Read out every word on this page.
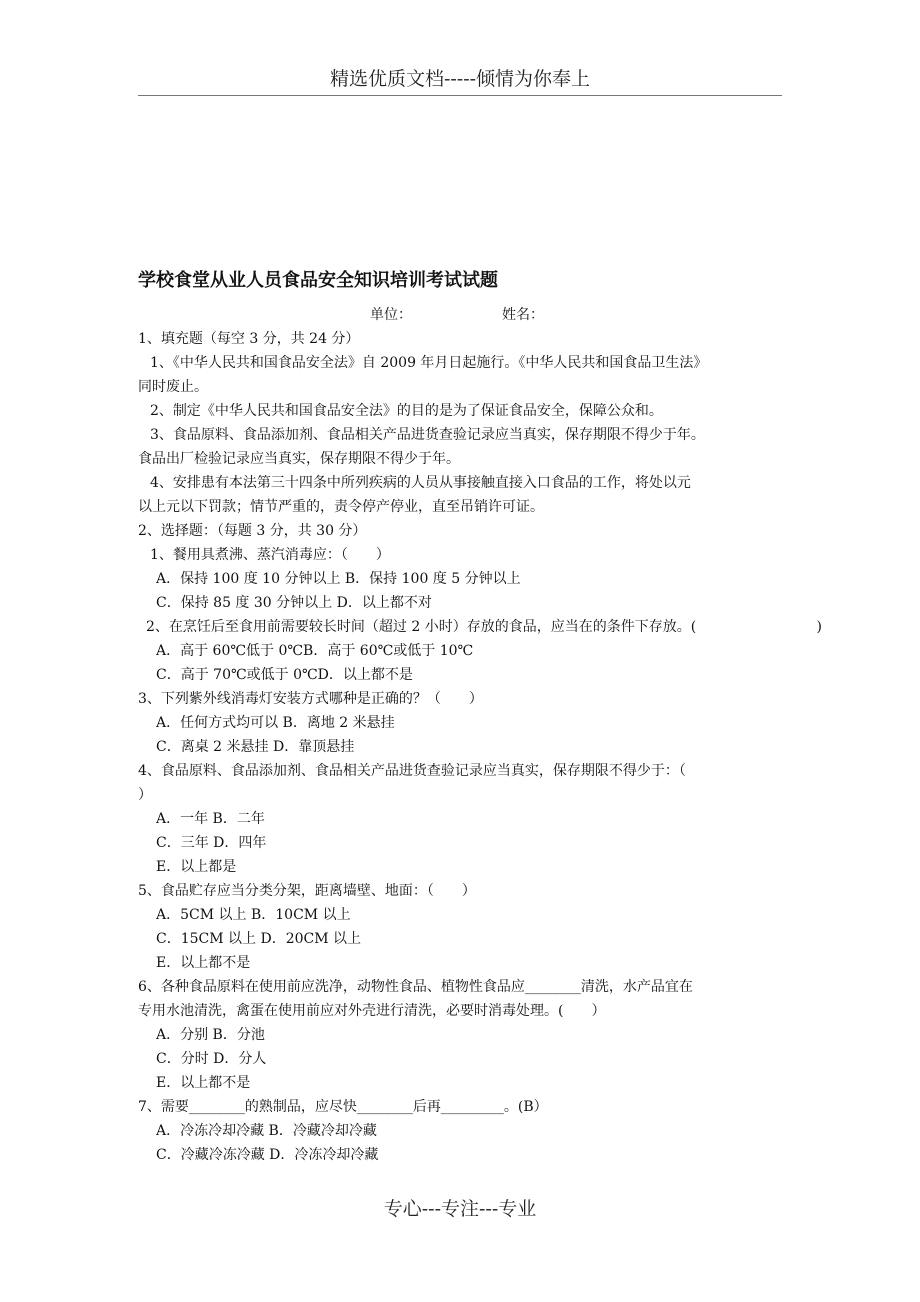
精选优质文档-----倾情为你奉上
学校食堂从业人员食品安全知识培训考试试题
单位：	姓名：
1、填充题（每空 3 分，共 24 分）
1、《中华人民共和国食品安全法》自 2009 年月日起施行。《中华人民共和国食品卫生法》
同时废止。
2、制定《中华人民共和国食品安全法》的目的是为了保证食品安全，保障公众和。
3、食品原料、食品添加剂、食品相关产品进货查验记录应当真实，保存期限不得少于年。
食品出厂检验记录应当真实，保存期限不得少于年。
4、安排患有本法第三十四条中所列疾病的人员从事接触直接入口食品的工作，将处以元
以上元以下罚款；情节严重的，责令停产停业，直至吊销许可证。
2、选择题：（每题 3 分，共 30 分）
1、餐用具煮沸、蒸汽消毒应：（　　）
A．保持 100 度 10 分钟以上 B．保持 100 度 5 分钟以上
C．保持 85 度 30 分钟以上 D．以上都不对
2、在烹饪后至食用前需要较长时间（超过 2 小时）存放的食品，应当在的条件下存放。(	)
A．高于 60℃低于 0℃B．高于 60℃或低于 10℃
C．高于 70℃或低于 0℃D．以上都不是
3、下列紫外线消毒灯安装方式哪种是正确的？（　　）
A．任何方式均可以 B．离地 2 米悬挂
C．离桌 2 米悬挂 D．靠顶悬挂
4、食品原料、食品添加剂、食品相关产品进货查验记录应当真实，保存期限不得少于：（
）
A．一年 B．二年
C．三年 D．四年
E．以上都是
5、食品贮存应当分类分架，距离墙壁、地面：（　　）
A．5CM 以上 B．10CM 以上
C．15CM 以上 D．20CM 以上
E．以上都不是
6、各种食品原料在使用前应洗净，动物性食品、植物性食品应________清洗，水产品宜在
专用水池清洗，禽蛋在使用前应对外壳进行清洗，必要时消毒处理。(　　）
A．分别 B．分池
C．分时 D．分人
E．以上都不是
7、需要________的熟制品，应尽快________后再_________。(B）
A．冷冻冷却冷藏 B．冷藏冷却冷藏
C．冷藏冷冻冷藏 D．冷冻冷却冷藏
专心---专注---专业
